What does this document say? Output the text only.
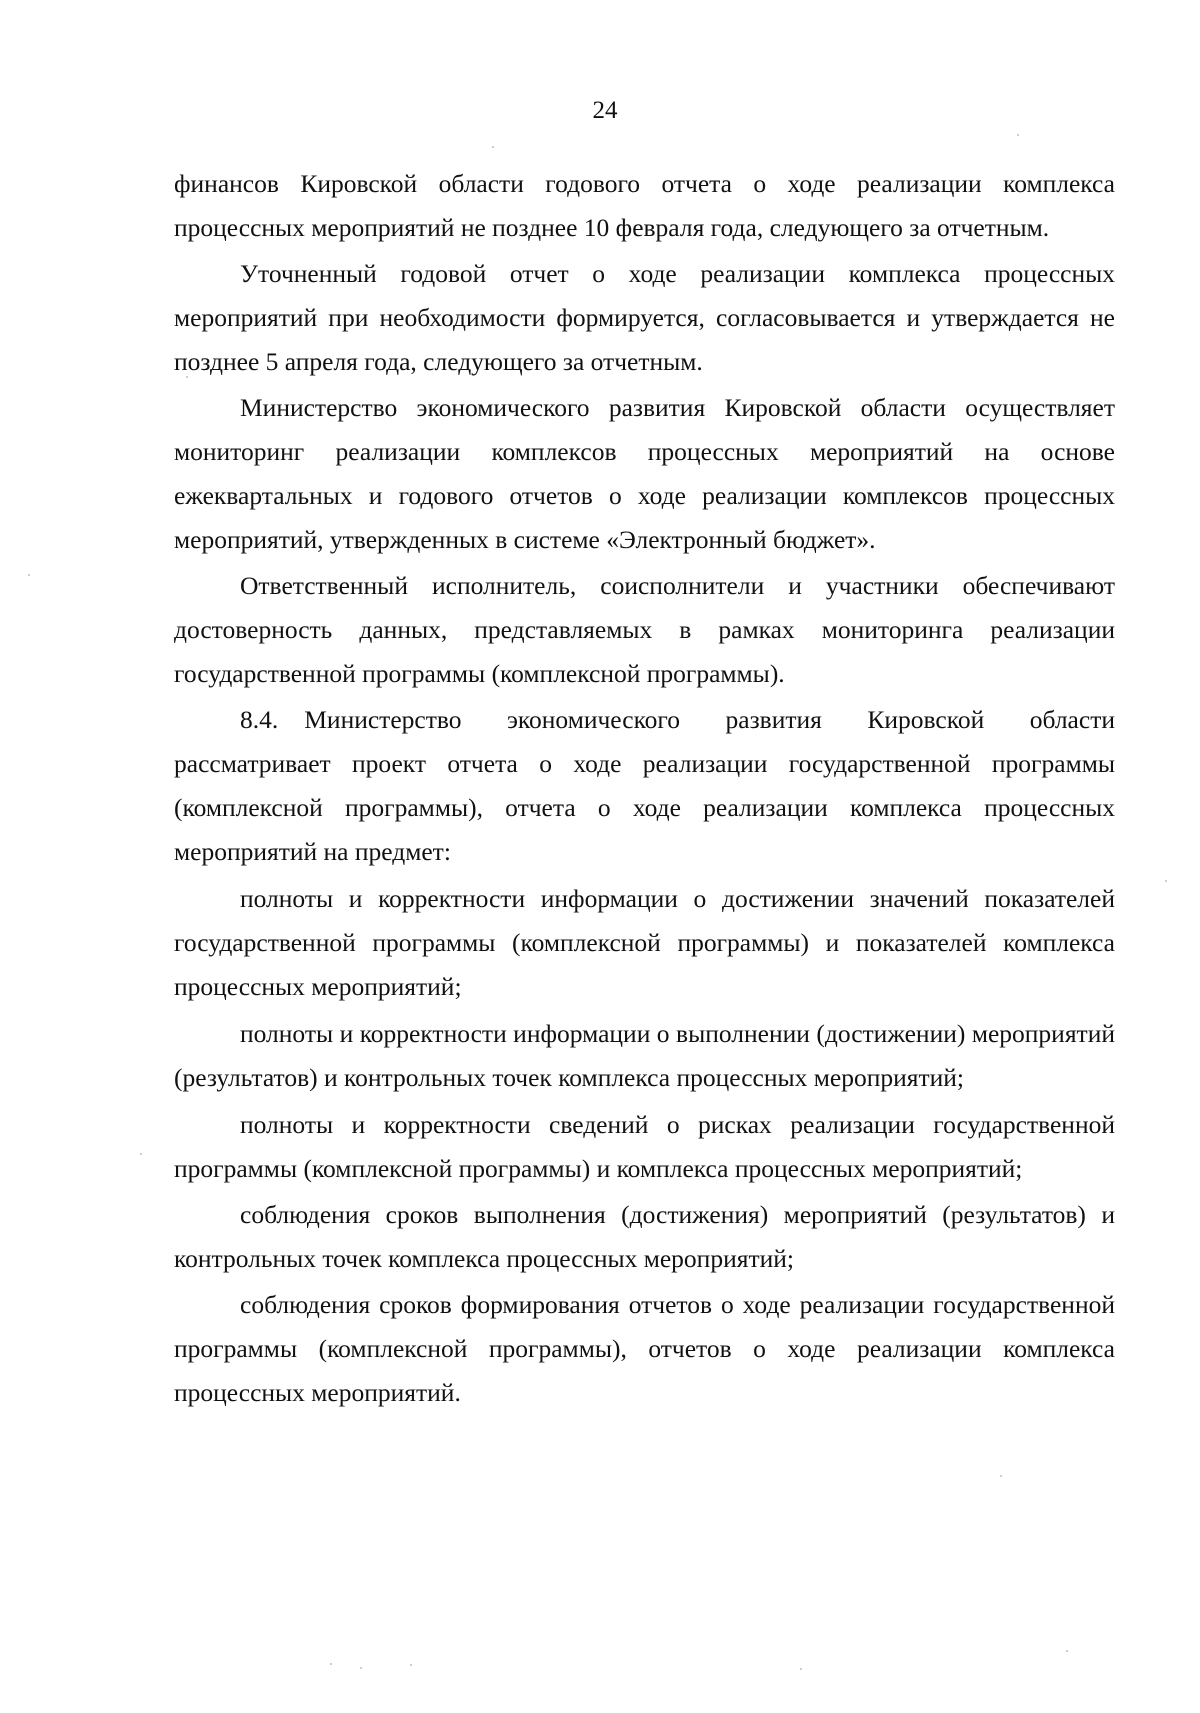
24

финансов Кировской области годового отчета о ходе реализации комплекса процессных мероприятий не позднее 10 февраля года, следующего за отчетным.

Уточненный годовой отчет о ходе реализации комплекса процессных мероприятий при необходимости формируется, согласовывается и утверждается не позднее 5 апреля года, следующего за отчетным.

Министерство экономического развития Кировской области осуществляет мониторинг реализации комплексов процессных мероприятий на основе ежеквартальных и годового отчетов о ходе реализации комплексов процессных мероприятий, утвержденных в системе «Электронный бюджет».

Ответственный исполнитель, соисполнители и участники обеспечивают достоверность данных, представляемых в рамках мониторинга реализации государственной программы (комплексной программы).

8.4. Министерство экономического развития Кировской области рассматривает проект отчета о ходе реализации государственной программы (комплексной программы), отчета о ходе реализации комплекса процессных мероприятий на предмет:

полноты и корректности информации о достижении значений показателей государственной программы (комплексной программы) и показателей комплекса процессных мероприятий;

полноты и корректности информации о выполнении (достижении) мероприятий (результатов) и контрольных точек комплекса процессных мероприятий;

полноты и корректности сведений о рисках реализации государственной программы (комплексной программы) и комплекса процессных мероприятий;

соблюдения сроков выполнения (достижения) мероприятий (результатов) и контрольных точек комплекса процессных мероприятий;

соблюдения сроков формирования отчетов о ходе реализации государственной программы (комплексной программы), отчетов о ходе реализации комплекса процессных мероприятий.
